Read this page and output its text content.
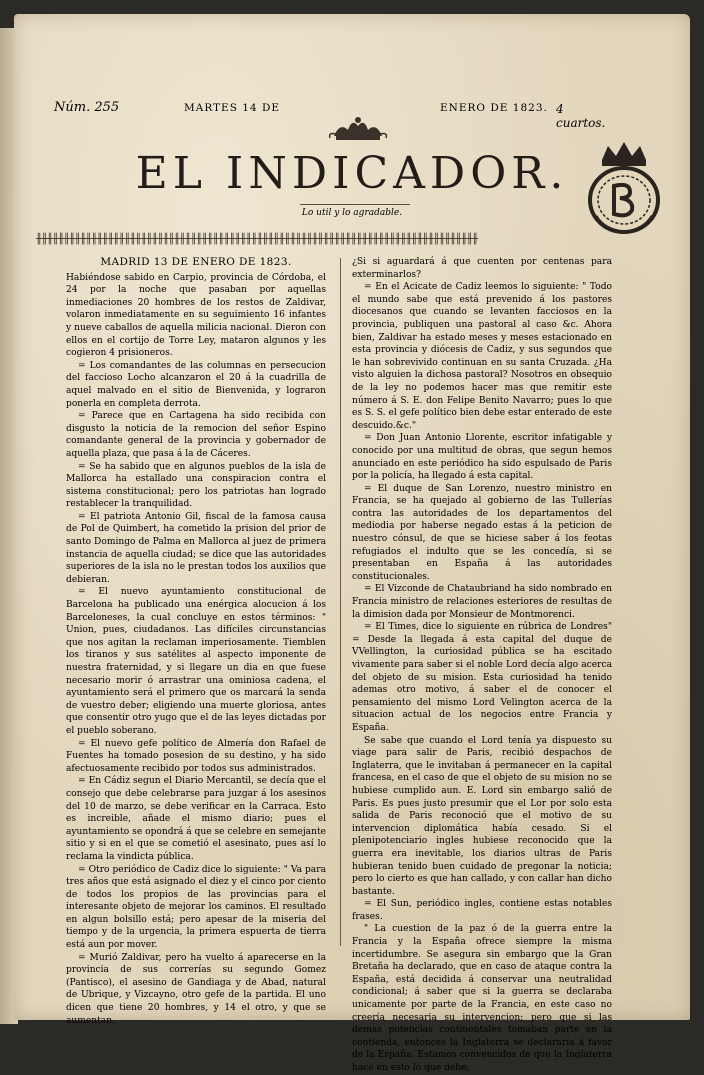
Núm. 255	MARTES 14 DE	ENERO DE 1823. 4 cuartos.
EL INDICADOR.
Lo util y lo agradable.
╫╫╫╫╫╫╫╫╫╫╫╫╫╫╫╫╫╫╫╫╫╫╫╫╫╫╫╫╫╫╫╫╫╫╫╫╫╫╫╫╫╫╫╫╫╫╫╫╫╫╫╫╫╫╫╫╫╫╫╫╫╫╫╫╫╫╫╫╫╫╫╫╫╫╫╫╫╫╫╫
MADRID 13 DE ENERO DE 1823.

Habiéndose sabido en Carpio, provincia de Córdoba, el 24 por la noche que pasaban por aquellas inmediaciones 20 hombres de los restos de Zaldivar, volaron inmediatamente en su seguimiento 16 infantes y nueve caballos de aquella milicia nacional. Dieron con ellos en el cortijo de Torre Ley, mataron algunos y les cogieron 4 prisioneros.

= Los comandantes de las columnas en persecucion del faccioso Locho alcanzaron el 20 á la cuadrilla de aquel malvado en el sitio de Bienvenida, y lograron ponerla en completa derrota.

= Parece que en Cartagena ha sido recibida con disgusto la noticia de la remocion del señor Espino comandante general de la provincia y gobernador de aquella plaza, que pasa á la de Cáceres.

= Se ha sabido que en algunos pueblos de la isla de Mallorca ha estallado una conspiracion contra el sistema constitucional; pero los patriotas han logrado restablecer la tranquilidad.

= El patriota Antonio Gil, fiscal de la famosa causa de Pol de Quimbert, ha cometido la prision del prior de santo Domingo de Palma en Mallorca al juez de primera instancia de aquella ciudad; se dice que las autoridades superiores de la isla no le prestan todos los auxilios que debieran.

= El nuevo ayuntamiento constitucional de Barcelona ha publicado una enérgica alocucion á los Barceloneses, la cual concluye en estos términos: " Union, pues, ciudadanos. Las difíciles circunstancias que nos agitan la reclaman imperiosamente. Tiemblen los tiranos y sus satélites al aspecto imponente de nuestra fraternidad, y si llegare un dia en que fuese necesario morir ó arrastrar una ominiosa cadena, el ayuntamiento será el primero que os marcará la senda de vuestro deber; eligiendo una muerte gloriosa, antes que consentir otro yugo que el de las leyes dictadas por el pueblo soberano.

= El nuevo gefe político de Almería don Rafael de Fuentes ha tomado posesion de su destino, y ha sido afectuosamente recibido por todos sus administrados.

= En Cádiz segun el Diario Mercantil, se decía que el consejo que debe celebrarse para juzgar á los asesinos del 10 de marzo, se debe verificar en la Carraca. Esto es increible, añade el mismo diario; pues el ayuntamiento se opondrá á que se celebre en semejante sitio y si en el que se cometió el asesinato, pues así lo reclama la vindicta pública.

= Otro periódico de Cadiz dice lo siguiente: " Va para tres años que está asignado el diez y el cinco por ciento de todos los propios de las provincias para el interesante objeto de mejorar los caminos. El resultado en algun bolsillo está; pero apesar de la miseria del tiempo y de la urgencia, la primera espuerta de tierra está aun por mover.

= Murió Zaldivar, pero ha vuelto á aparecerse en la provincia de sus correrías su segundo Gomez (Pantisco), el asesino de Gandiaga y de Abad, natural de Ubrique, y Vizcayno, otro gefe de la partida. El uno dicen que tiene 20 hombres, y 14 el otro, y que se aumentan.

¿Si si aguardará á que cuenten por centenas para exterminarlos?

= En el Acicate de Cadiz leemos lo siguiente: " Todo el mundo sabe que está prevenido á los pastores diocesanos que cuando se levanten facciosos en la provincia, publiquen una pastoral al caso &c. Ahora bien, Zaldivar ha estado meses y meses estacionado en esta provincia y diócesis de Cadiz, y sus segundos que le han sobrevivido continuan en su santa Cruzada. ¿Ha visto alguien la dichosa pastoral? Nosotros en obsequio de la ley no podemos hacer mas que remitir este número á S. E. don Felipe Benito Navarro; pues lo que es S. S. el gefe político bien debe estar enterado de este descuido.&c."

= Don Juan Antonio Llorente, escritor infatigable y conocido por una multitud de obras, que segun hemos anunciado en este periódico ha sido espulsado de Paris por la policía, ha llegado á esta capital.

= El duque de San Lorenzo, nuestro ministro en Francia, se ha quejado al gobierno de las Tullerías contra las autoridades de los departamentos del mediodia por haberse negado estas á la peticion de nuestro cónsul, de que se hiciese saber á los feotas refugiados el indulto que se les concedía, si se presentaban en España á las autoridades constitucionales.

= El Vizconde de Chataubriand ha sido nombrado en Francia ministro de relaciones esteriores de resultas de la dimision dada por Monsieur de Montmorenci.

= El Times, dice lo siguiente en rúbrica de Londres" = Desde la llegada á esta capital del duque de VVellington, la curiosidad pública se ha escitado vivamente para saber si el noble Lord decía algo acerca del objeto de su mision. Esta curiosidad ha tenido ademas otro motivo, á saber el de conocer el pensamiento del mismo Lord Velington acerca de la situacion actual de los negocios entre Francia y España.

Se sabe que cuando el Lord tenía ya dispuesto su viage para salir de Paris, recibió despachos de Inglaterra, que le invitaban á permanecer en la capital francesa, en el caso de que el objeto de su mision no se hubiese cumplido aun. E. Lord sin embargo salió de Paris. Es pues justo presumir que el Lor por solo esta salida de Paris reconoció que el motivo de su intervencion diplomática había cesado. Si el plenipotenciario ingles hubiese reconocido que la guerra era inevitable, los diarios ultras de Paris hubieran tenido buen cuidado de pregonar la noticia; pero lo cierto es que han callado, y con callar han dicho bastante.

= El Sun, periódico ingles, contiene estas notables frases.

" La cuestion de la paz ó de la guerra entre la Francia y la España ofrece siempre la misma incertidumbre. Se asegura sin embargo que la Gran Bretaña ha declarado, que en caso de ataque contra la España, está decidida á conservar una neutralidad condicional; á saber que si la guerra se declaraba unicamente por parte de la Francia, en este caso no creería necesaria su intervencion; pero que si las demas potencias continentales tomaban parte en la contienda, entonces la Inglaterra se declararía á favor de la España. Estamos convencidos de que la Inglaterra hace en esto lo que debe;
